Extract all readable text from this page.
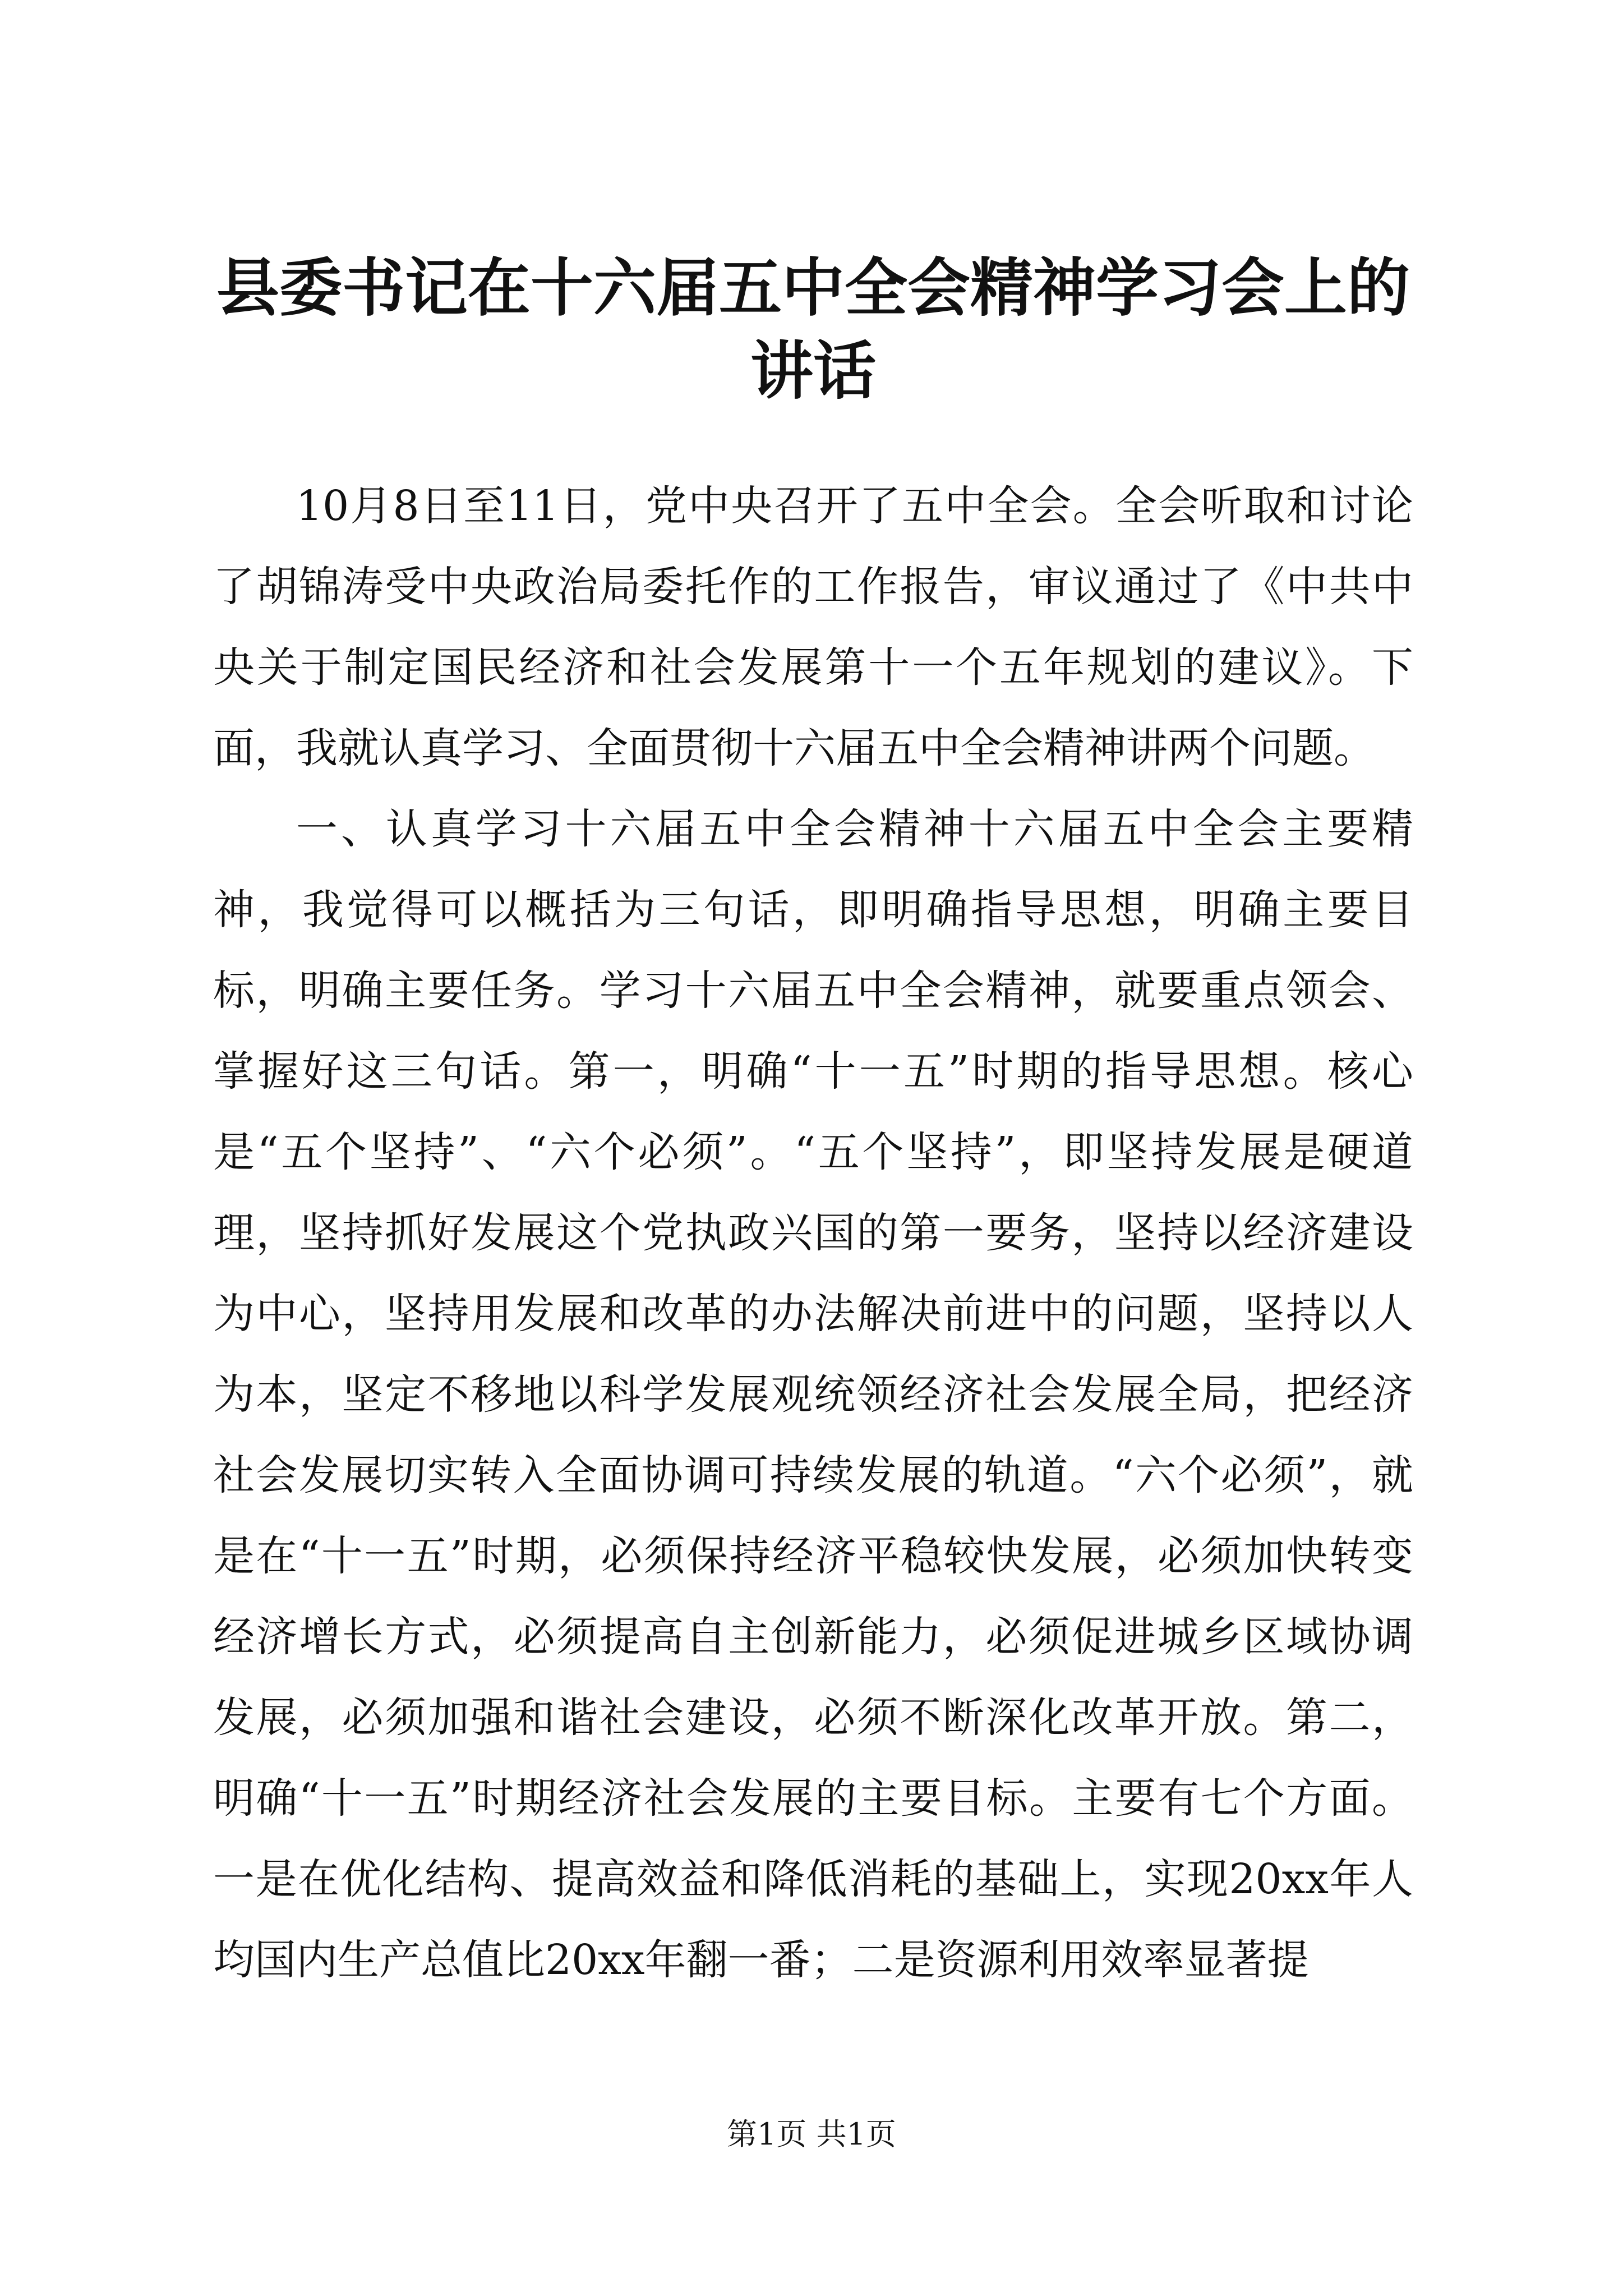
县委书记在十六届五中全会精神学习会上的讲话

10月8日至11日，党中央召开了五中全会。全会听取和讨论了胡锦涛受中央政治局委托作的工作报告，审议通过了《中共中央关于制定国民经济和社会发展第十一个五年规划的建议》。下面，我就认真学习、全面贯彻十六届五中全会精神讲两个问题。

一、认真学习十六届五中全会精神十六届五中全会主要精神，我觉得可以概括为三句话，即明确指导思想，明确主要目标，明确主要任务。学习十六届五中全会精神，就要重点领会、掌握好这三句话。第一，明确“十一五”时期的指导思想。核心是“五个坚持”、“六个必须”。“五个坚持”，即坚持发展是硬道理，坚持抓好发展这个党执政兴国的第一要务，坚持以经济建设为中心，坚持用发展和改革的办法解决前进中的问题，坚持以人为本，坚定不移地以科学发展观统领经济社会发展全局，把经济社会发展切实转入全面协调可持续发展的轨道。“六个必须”，就是在“十一五”时期，必须保持经济平稳较快发展，必须加快转变经济增长方式，必须提高自主创新能力，必须促进城乡区域协调发展，必须加强和谐社会建设，必须不断深化改革开放。第二，明确“十一五”时期经济社会发展的主要目标。主要有七个方面。一是在优化结构、提高效益和降低消耗的基础上，实现20xx年人均国内生产总值比20xx年翻一番；二是资源利用效率显著提

第1页 共1页
